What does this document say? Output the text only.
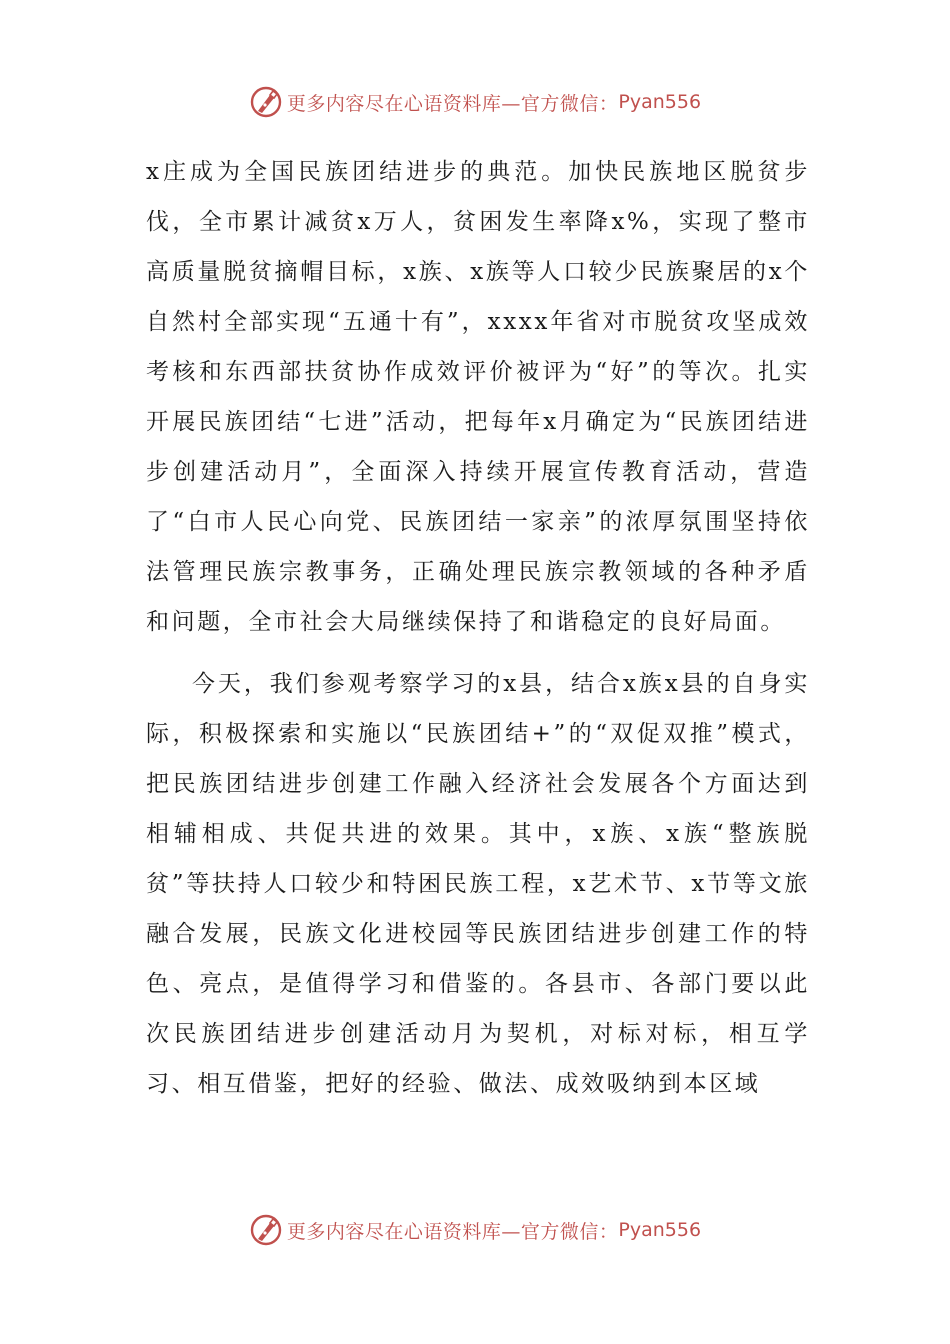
更多内容尽在心语资料库—官方微信： Pyan556

x庄成为全国民族团结进步的典范。加快民族地区脱贫步伐，全市累计减贫x万人，贫困发生率降x%，实现了整市高质量脱贫摘帽目标，x族、x族等人口较少民族聚居的x个自然村全部实现“五通十有”，xxxx年省对市脱贫攻坚成效考核和东西部扶贫协作成效评价被评为“好”的等次。扎实开展民族团结“七进”活动，把每年x月确定为“民族团结进步创建活动月”，全面深入持续开展宣传教育活动，营造了“白市人民心向党、民族团结一家亲”的浓厚氛围坚持依法管理民族宗教事务，正确处理民族宗教领域的各种矛盾和问题，全市社会大局继续保持了和谐稳定的良好局面。

今天，我们参观考察学习的x县，结合x族x县的自身实际，积极探索和实施以“民族团结+”的“双促双推”模式，把民族团结进步创建工作融入经济社会发展各个方面达到相辅相成、共促共进的效果。其中，x族、x族“整族脱贫”等扶持人口较少和特困民族工程，x艺术节、x节等文旅融合发展，民族文化进校园等民族团结进步创建工作的特色、亮点，是值得学习和借鉴的。各县市、各部门要以此次民族团结进步创建活动月为契机，对标对标，相互学习、相互借鉴，把好的经验、做法、成效吸纳到本区域

更多内容尽在心语资料库—官方微信： Pyan556
